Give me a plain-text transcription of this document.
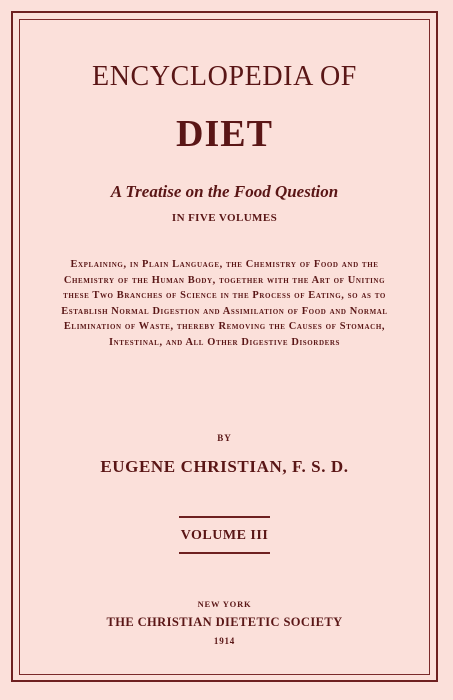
ENCYCLOPEDIA OF
DIET

A Treatise on the Food Question

IN FIVE VOLUMES

Explaining, in Plain Language, the Chemistry of Food and the Chemistry of the Human Body, together with the Art of Uniting these Two Branches of Science in the Process of Eating, so as to Establish Normal Digestion and Assimilation of Food and Normal Elimination of Waste, thereby Removing the Causes of Stomach, Intestinal, and All Other Digestive Disorders

BY

EUGENE CHRISTIAN, F. S. D.

VOLUME III

NEW YORK

THE CHRISTIAN DIETETIC SOCIETY

1914
